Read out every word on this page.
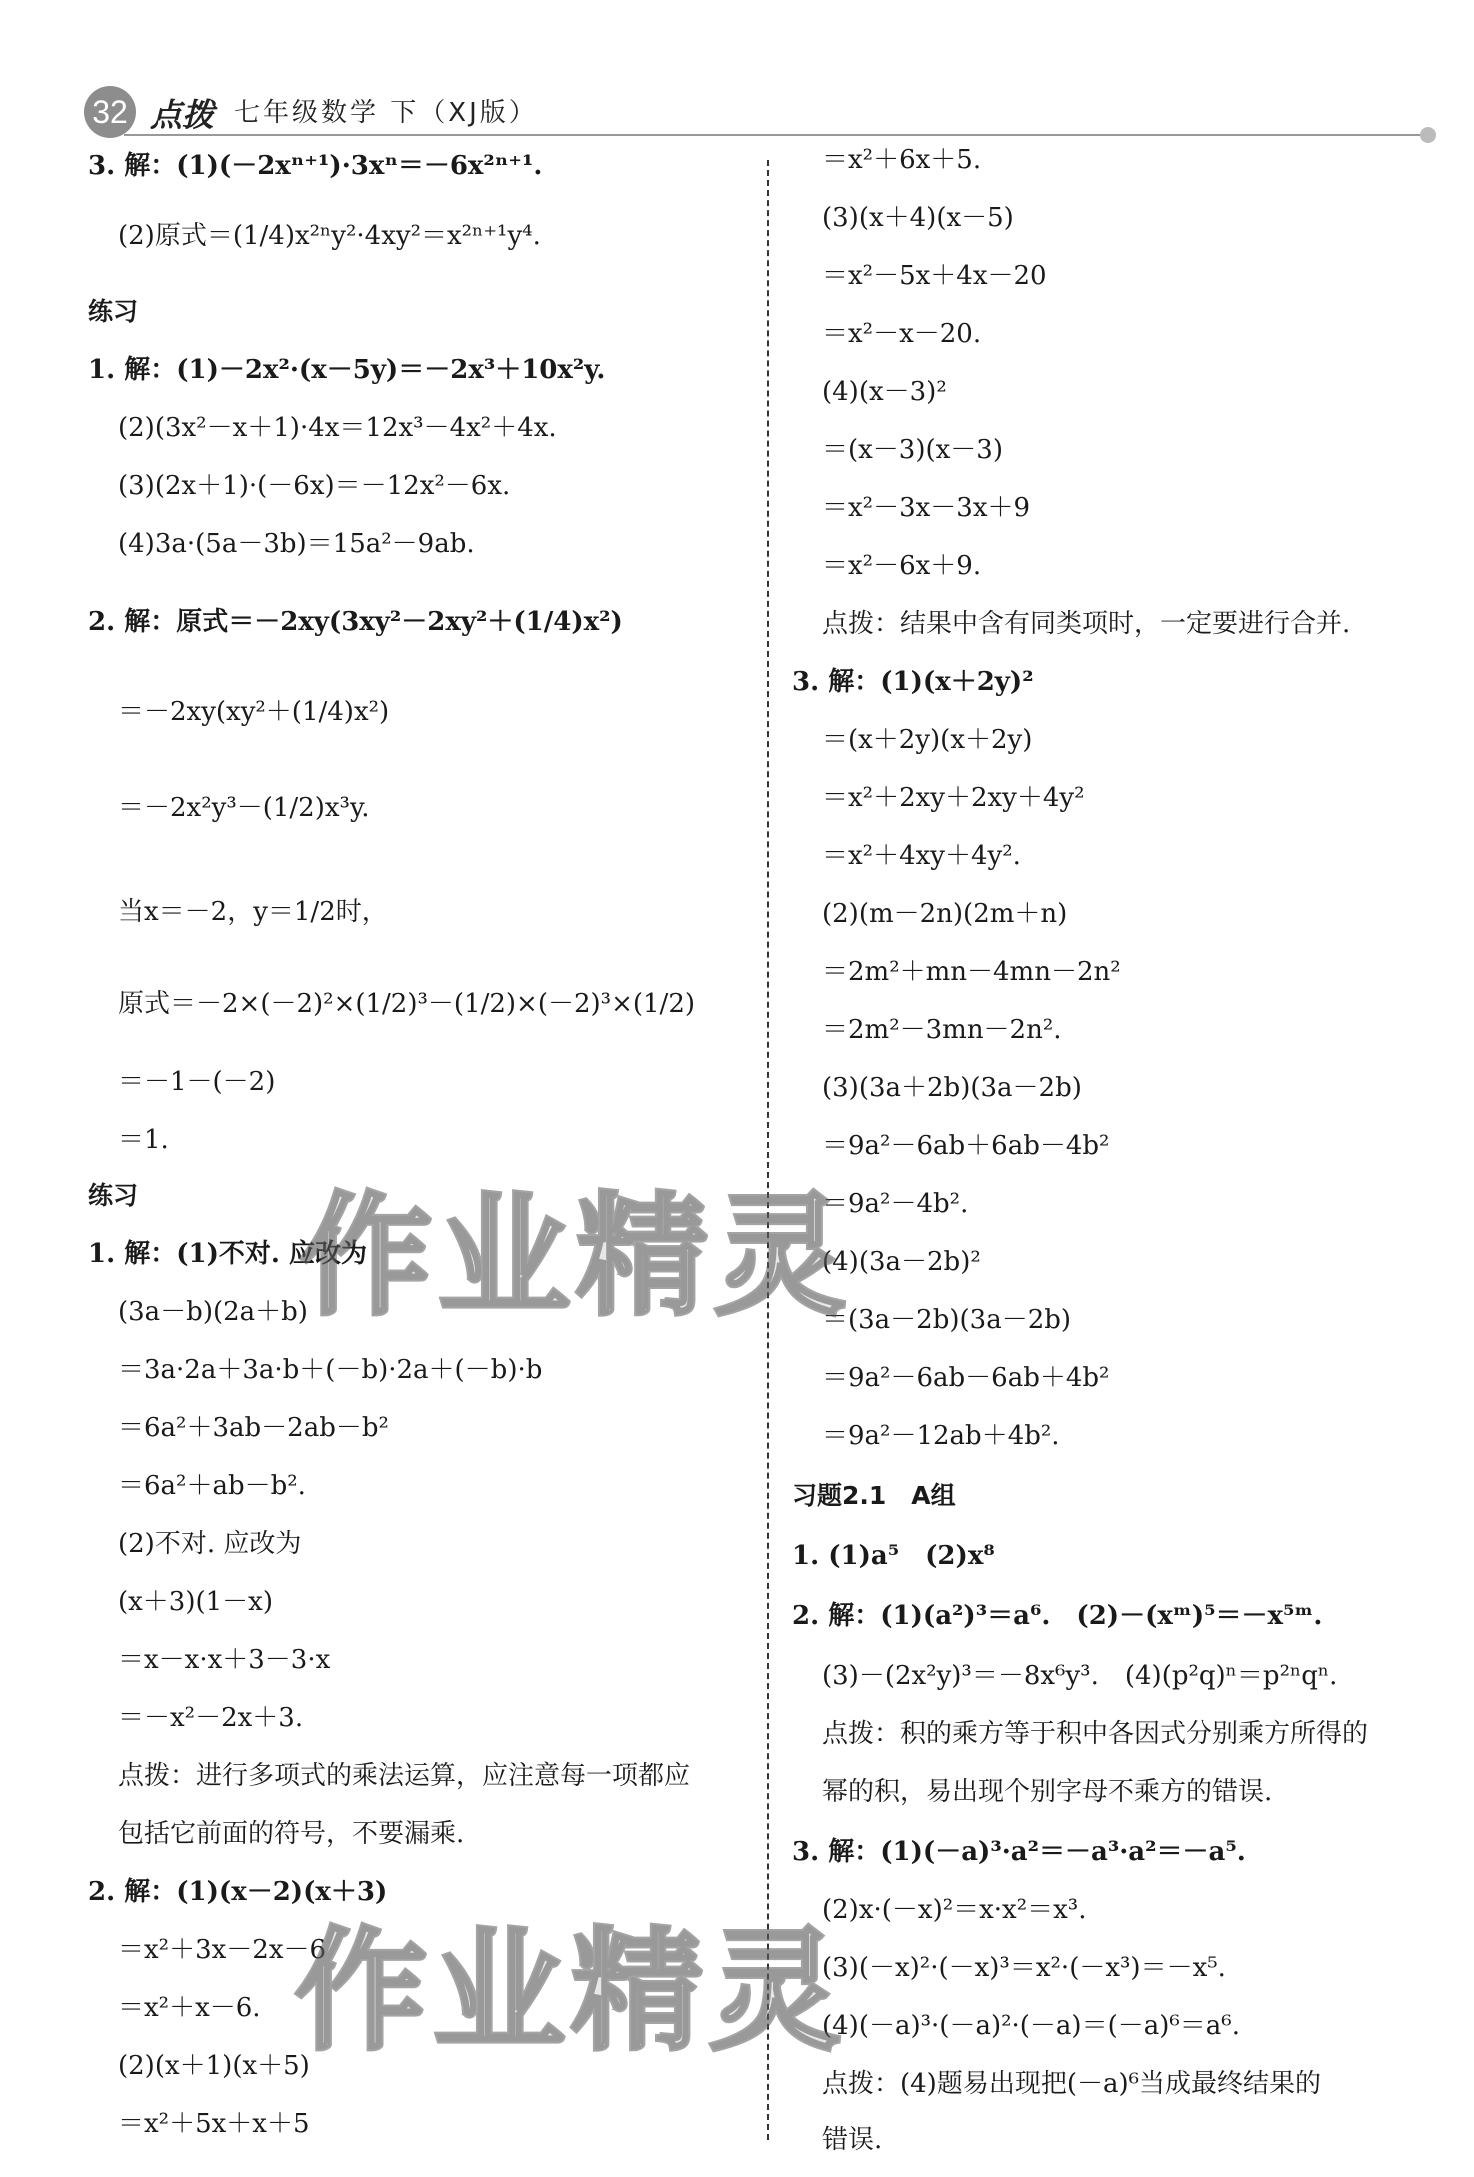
32 点拨 七年级数学 下（XJ版）
3. 解：(1)(－2xⁿ⁺¹)·3xⁿ＝－6x²ⁿ⁺¹.
(2)原式＝(1/4)x²ⁿy²·4xy²＝x²ⁿ⁺¹y⁴.
练习
1. 解：(1)－2x²·(x－5y)＝－2x³＋10x²y.
(2)(3x²－x＋1)·4x＝12x³－4x²＋4x.
(3)(2x＋1)·(－6x)＝－12x²－6x.
(4)3a·(5a－3b)＝15a²－9ab.
2. 解：原式＝－2xy(3xy²－2xy²＋(1/4)x²)
＝－2xy(xy²＋(1/4)x²)
＝－2x²y³－(1/2)x³y.
当x＝－2，y＝1/2时，
原式＝－2×(－2)²×(1/2)³－(1/2)×(－2)³×(1/2)
＝－1－(－2)
＝1.
练习
1. 解：(1)不对. 应改为
(3a－b)(2a＋b)
＝3a·2a＋3a·b＋(－b)·2a＋(－b)·b
＝6a²＋3ab－2ab－b²
＝6a²＋ab－b².
(2)不对. 应改为
(x＋3)(1－x)
＝x－x·x＋3－3·x
＝－x²－2x＋3.
点拨：进行多项式的乘法运算，应注意每一项都应
包括它前面的符号，不要漏乘.
2. 解：(1)(x－2)(x＋3)
＝x²＋3x－2x－6
＝x²＋x－6.
(2)(x＋1)(x＋5)
＝x²＋5x＋x＋5
＝x²＋6x＋5.
(3)(x＋4)(x－5)
＝x²－5x＋4x－20
＝x²－x－20.
(4)(x－3)²
＝(x－3)(x－3)
＝x²－3x－3x＋9
＝x²－6x＋9.
点拨：结果中含有同类项时，一定要进行合并.
3. 解：(1)(x＋2y)²
＝(x＋2y)(x＋2y)
＝x²＋2xy＋2xy＋4y²
＝x²＋4xy＋4y².
(2)(m－2n)(2m＋n)
＝2m²＋mn－4mn－2n²
＝2m²－3mn－2n².
(3)(3a＋2b)(3a－2b)
＝9a²－6ab＋6ab－4b²
＝9a²－4b².
(4)(3a－2b)²
＝(3a－2b)(3a－2b)
＝9a²－6ab－6ab＋4b²
＝9a²－12ab＋4b².
习题2.1　A组
1. (1)a⁵　(2)x⁸
2. 解：(1)(a²)³＝a⁶.　(2)－(xᵐ)⁵＝－x⁵ᵐ.
(3)－(2x²y)³＝－8x⁶y³.　(4)(p²q)ⁿ＝p²ⁿqⁿ.
点拨：积的乘方等于积中各因式分别乘方所得的
幂的积，易出现个别字母不乘方的错误.
3. 解：(1)(－a)³·a²＝－a³·a²＝－a⁵.
(2)x·(－x)²＝x·x²＝x³.
(3)(－x)²·(－x)³＝x²·(－x³)＝－x⁵.
(4)(－a)³·(－a)²·(－a)＝(－a)⁶＝a⁶.
点拨：(4)题易出现把(－a)⁶当成最终结果的
错误.
作业精灵
作业精灵
